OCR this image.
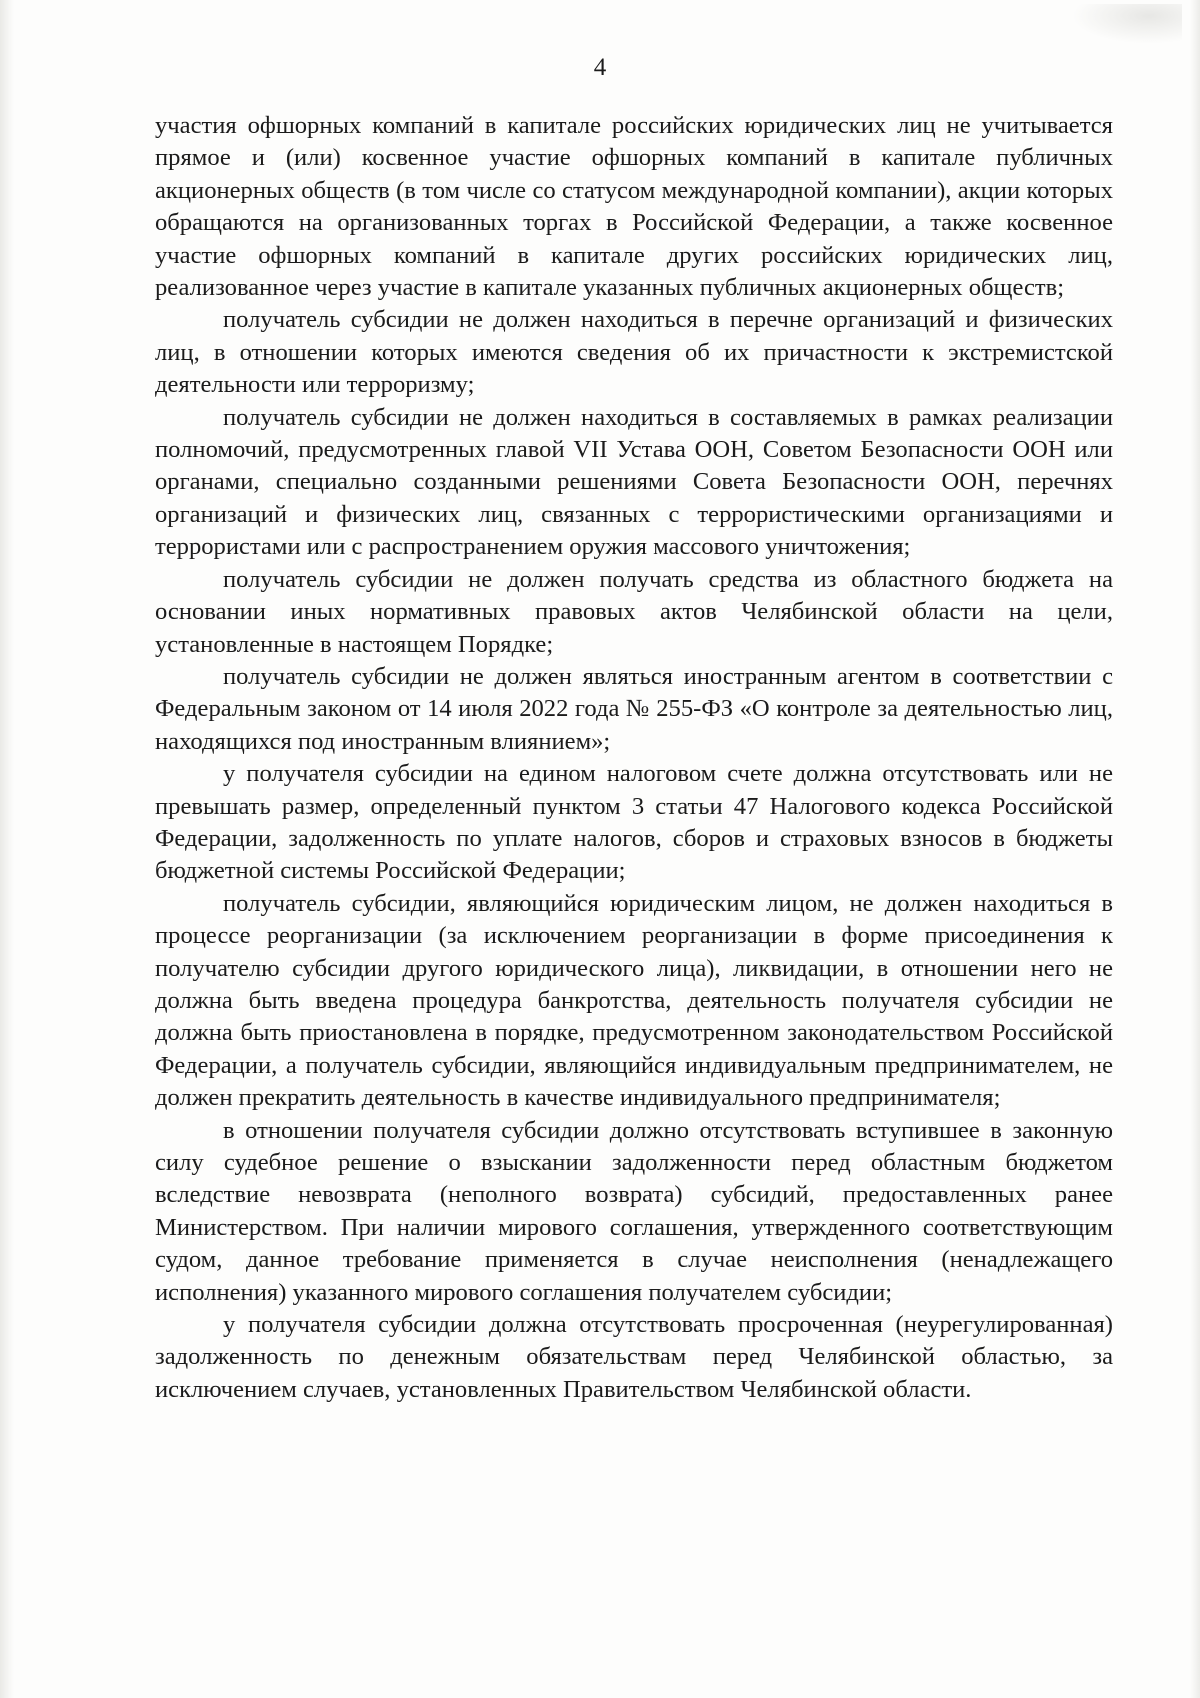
4

участия офшорных компаний в капитале российских юридических лиц не учитывается прямое и (или) косвенное участие офшорных компаний в капитале публичных акционерных обществ (в том числе со статусом международной компании), акции которых обращаются на организованных торгах в Российской Федерации, а также косвенное участие офшорных компаний в капитале других российских юридических лиц, реализованное через участие в капитале указанных публичных акционерных обществ;

получатель субсидии не должен находиться в перечне организаций и физических лиц, в отношении которых имеются сведения об их причастности к экстремистской деятельности или терроризму;

получатель субсидии не должен находиться в составляемых в рамках реализации полномочий, предусмотренных главой VII Устава ООН, Советом Безопасности ООН или органами, специально созданными решениями Совета Безопасности ООН, перечнях организаций и физических лиц, связанных с террористическими организациями и террористами или с распространением оружия массового уничтожения;

получатель субсидии не должен получать средства из областного бюджета на основании иных нормативных правовых актов Челябинской области на цели, установленные в настоящем Порядке;

получатель субсидии не должен являться иностранным агентом в соответствии с Федеральным законом от 14 июля 2022 года № 255-ФЗ «О контроле за деятельностью лиц, находящихся под иностранным влиянием»;

у получателя субсидии на едином налоговом счете должна отсутствовать или не превышать размер, определенный пунктом 3 статьи 47 Налогового кодекса Российской Федерации, задолженность по уплате налогов, сборов и страховых взносов в бюджеты бюджетной системы Российской Федерации;

получатель субсидии, являющийся юридическим лицом, не должен находиться в процессе реорганизации (за исключением реорганизации в форме присоединения к получателю субсидии другого юридического лица), ликвидации, в отношении него не должна быть введена процедура банкротства, деятельность получателя субсидии не должна быть приостановлена в порядке, предусмотренном законодательством Российской Федерации, а получатель субсидии, являющийся индивидуальным предпринимателем, не должен прекратить деятельность в качестве индивидуального предпринимателя;

в отношении получателя субсидии должно отсутствовать вступившее в законную силу судебное решение о взыскании задолженности перед областным бюджетом вследствие невозврата (неполного возврата) субсидий, предоставленных ранее Министерством. При наличии мирового соглашения, утвержденного соответствующим судом, данное требование применяется в случае неисполнения (ненадлежащего исполнения) указанного мирового соглашения получателем субсидии;

у получателя субсидии должна отсутствовать просроченная (неурегулированная) задолженность по денежным обязательствам перед Челябинской областью, за исключением случаев, установленных Правительством Челябинской области.
